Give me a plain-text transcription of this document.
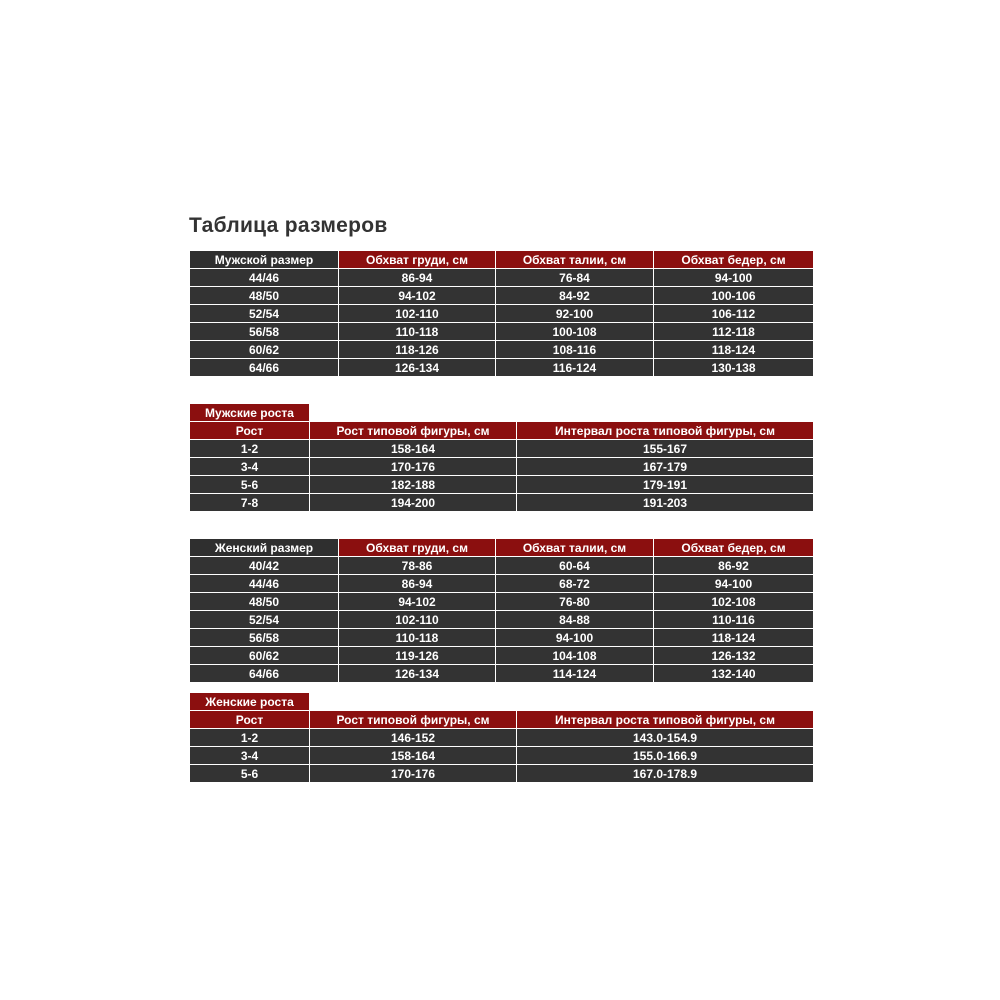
Таблица размеров
Мужской размер	Обхват груди, см	Обхват талии, см	Обхват бедер, см
44/46	86-94	76-84	94-100
48/50	94-102	84-92	100-106
52/54	102-110	92-100	106-112
56/58	110-118	100-108	112-118
60/62	118-126	108-116	118-124
64/66	126-134	116-124	130-138
Мужские роста		
Рост	Рост типовой фигуры, см	Интервал роста типовой фигуры, см
1-2	158-164	155-167
3-4	170-176	167-179
5-6	182-188	179-191
7-8	194-200	191-203
Женский размер	Обхват груди, см	Обхват талии, см	Обхват бедер, см
40/42	78-86	60-64	86-92
44/46	86-94	68-72	94-100
48/50	94-102	76-80	102-108
52/54	102-110	84-88	110-116
56/58	110-118	94-100	118-124
60/62	119-126	104-108	126-132
64/66	126-134	114-124	132-140
Женские роста		
Рост	Рост типовой фигуры, см	Интервал роста типовой фигуры, см
1-2	146-152	143.0-154.9
3-4	158-164	155.0-166.9
5-6	170-176	167.0-178.9
